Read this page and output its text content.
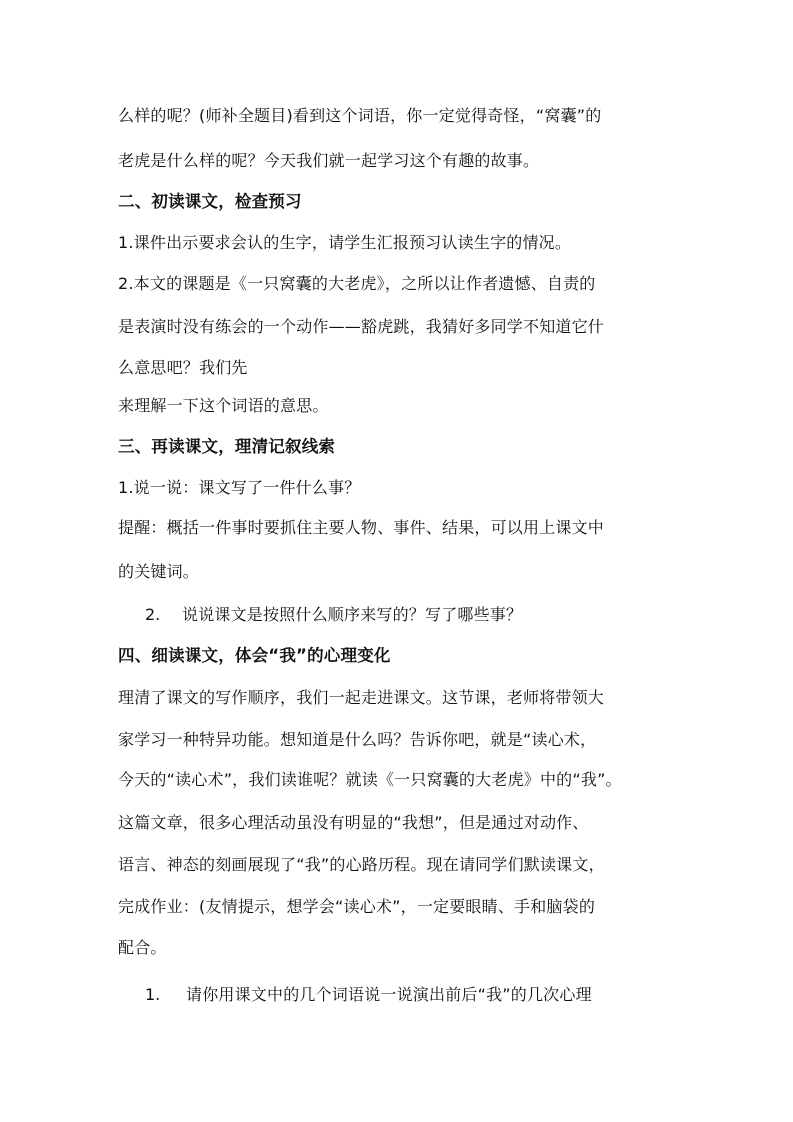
么样的呢？(师补全题目)看到这个词语，你一定觉得奇怪，“窝囊”的
老虎是什么样的呢？今天我们就一起学习这个有趣的故事。
二、初读课文，检查预习
1.课件出示要求会认的生字，请学生汇报预习认读生字的情况。
2.本文的课题是《一只窝囊的大老虎》，之所以让作者遗憾、自责的
是表演时没有练会的一个动作——豁虎跳，我猜好多同学不知道它什
么意思吧？我们先
来理解一下这个词语的意思。
三、再读课文，理清记叙线索
1.说一说：课文写了一件什么事？
提醒：概括一件事时要抓住主要人物、事件、结果，可以用上课文中
的关键词。
2. 说说课文是按照什么顺序来写的？写了哪些事？
四、细读课文，体会“我”的心理变化
理清了课文的写作顺序，我们一起走进课文。这节课，老师将带领大
家学习一种特异功能。想知道是什么吗？告诉你吧，就是“读心术，
今天的“读心术”，我们读谁呢？就读《一只窝囊的大老虎》中的“我”。
这篇文章，很多心理活动虽没有明显的“我想”，但是通过对动作、
语言、神态的刻画展现了“我”的心路历程。现在请同学们默读课文，
完成作业：(友情提示，想学会“读心术”，一定要眼睛、手和脑袋的
配合。
1. 请你用课文中的几个词语说一说演出前后“我”的几次心理
